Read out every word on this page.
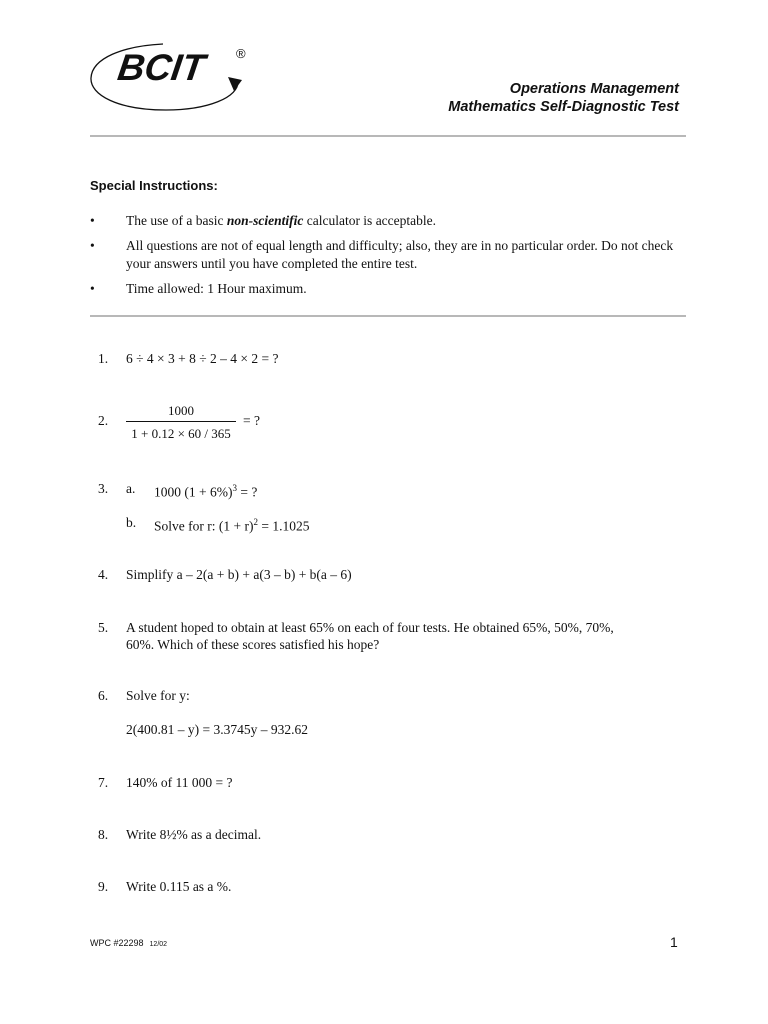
BCIT ®
Operations Management
Mathematics Self-Diagnostic Test
Special Instructions:
• The use of a basic non-scientific calculator is acceptable.
• All questions are not of equal length and difficulty; also, they are in no particular order. Do not check your answers until you have completed the entire test.
• Time allowed: 1 Hour maximum.
1. 6 ÷ 4 × 3 + 8 ÷ 2 – 4 × 2 = ?
2. $\frac{1000}{1 + 0.12 \times 60 / 365}$ = ?
3. a. 1000 $(1 + 6\%)^3$ = ?
b. Solve for r: $(1 + r)^2 = 1.1025$
4. Simplify a – 2(a + b) + a(3 – b) + b(a – 6)
5. A student hoped to obtain at least 65% on each of four tests. He obtained 65%, 50%, 70%,
60%. Which of these scores satisfied his hope?
6. Solve for y:
2(400.81 – y) = 3.3745y – 932.62
7. 140% of 11 000 = ?
8. Write 8½% as a decimal.
9. Write 0.115 as a %.
WPC #22298 12/02	1
